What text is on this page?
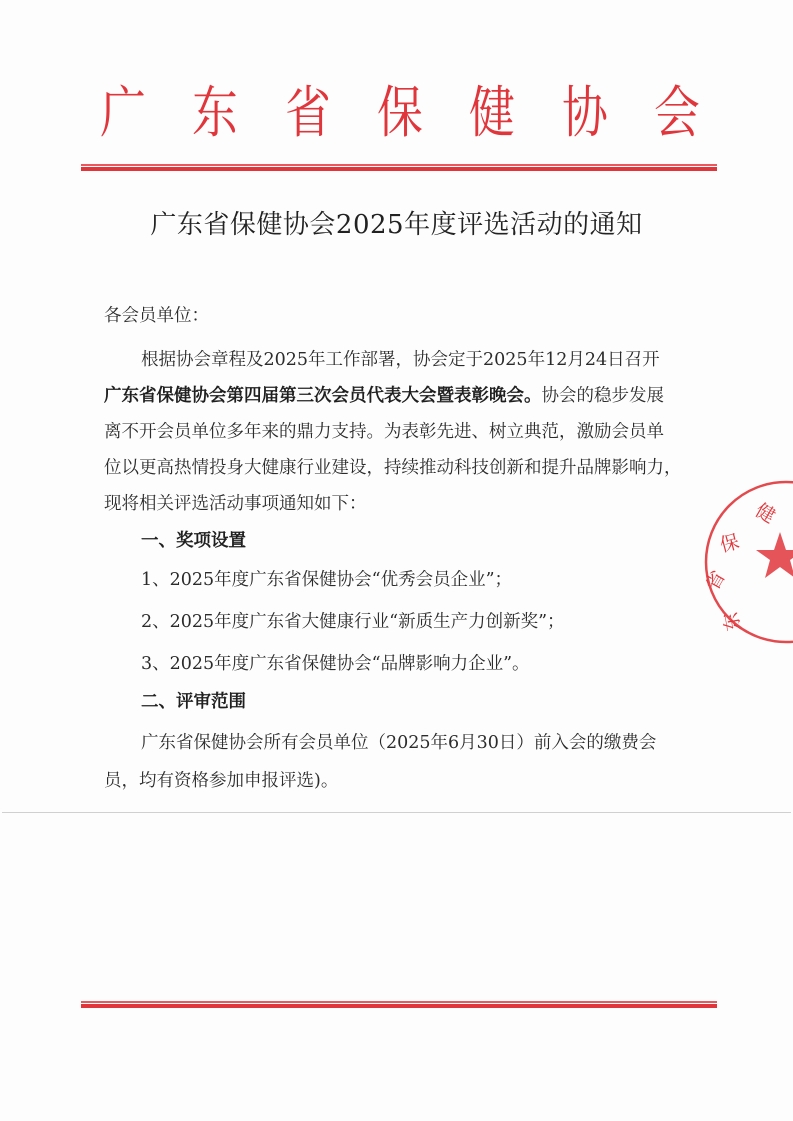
广 东 省 保 健 协 会
广东省保健协会2025年度评选活动的通知
各会员单位：
根据协会章程及2025年工作部署，协会定于2025年12月24日召开
广东省保健协会第四届第三次会员代表大会暨表彰晚会。协会的稳步发展
离不开会员单位多年来的鼎力支持。为表彰先进、树立典范，激励会员单
位以更高热情投身大健康行业建设，持续推动科技创新和提升品牌影响力，
现将相关评选活动事项通知如下：
一、奖项设置
1、2025年度广东省保健协会“优秀会员企业”；
2、2025年度广东省大健康行业“新质生产力创新奖”；
3、2025年度广东省保健协会“品牌影响力企业”。
二、评审范围
广东省保健协会所有会员单位（2025年6月30日）前入会的缴费会
员，均有资格参加申报评选)。
健
保
省
东
